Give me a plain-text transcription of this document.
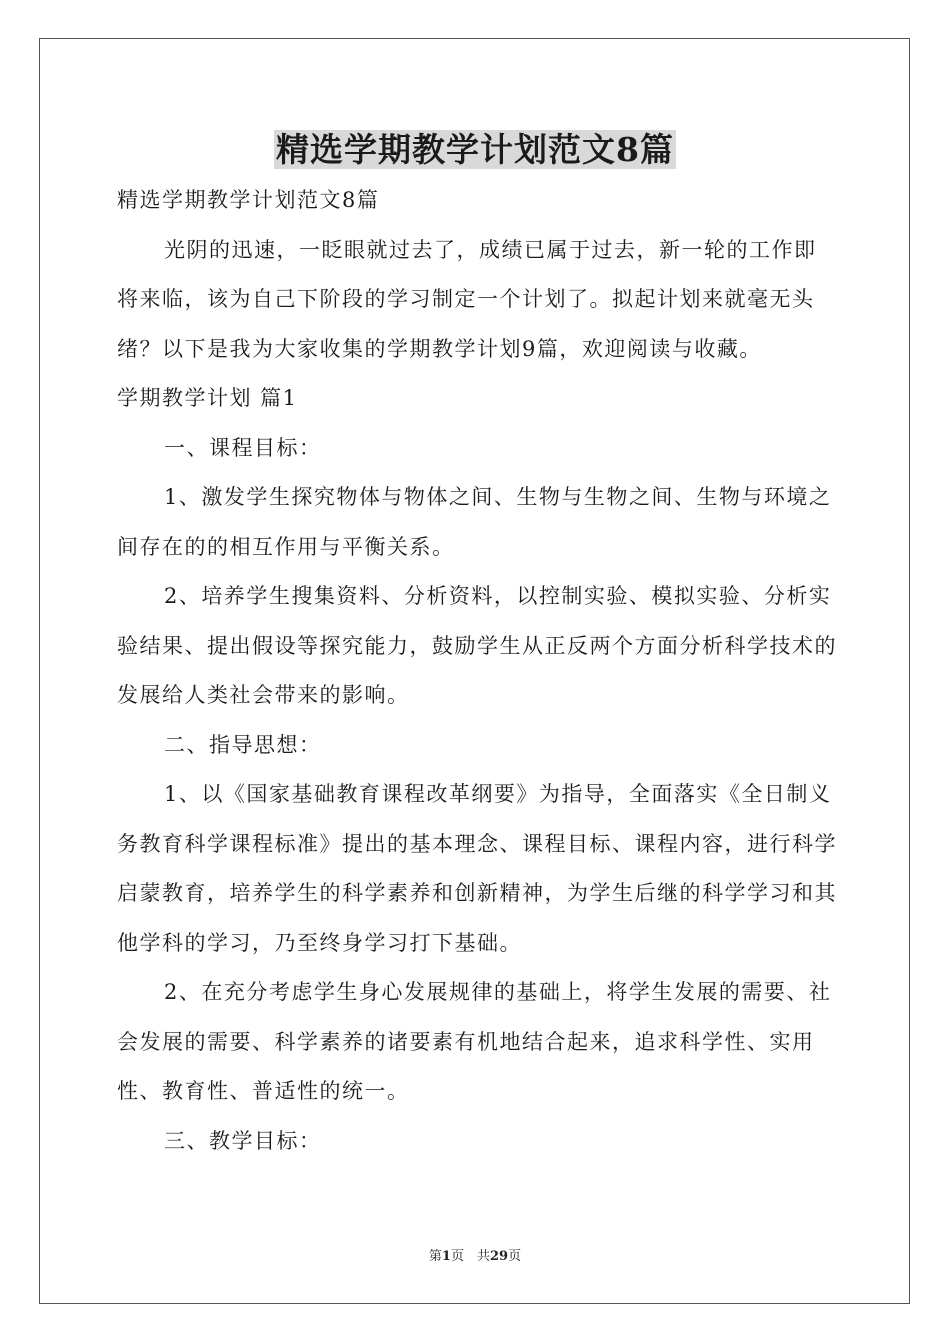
精选学期教学计划范文8篇

精选学期教学计划范文8篇

光阴的迅速，一眨眼就过去了，成绩已属于过去，新一轮的工作即将来临，该为自己下阶段的学习制定一个计划了。拟起计划来就毫无头绪？以下是我为大家收集的学期教学计划9篇，欢迎阅读与收藏。

学期教学计划 篇1

一、课程目标：

1、激发学生探究物体与物体之间、生物与生物之间、生物与环境之间存在的的相互作用与平衡关系。

2、培养学生搜集资料、分析资料，以控制实验、模拟实验、分析实验结果、提出假设等探究能力，鼓励学生从正反两个方面分析科学技术的发展给人类社会带来的影响。

二、指导思想：

1、以《国家基础教育课程改革纲要》为指导，全面落实《全日制义务教育科学课程标准》提出的基本理念、课程目标、课程内容，进行科学启蒙教育，培养学生的科学素养和创新精神，为学生后继的科学学习和其他学科的学习，乃至终身学习打下基础。

2、在充分考虑学生身心发展规律的基础上，将学生发展的需要、社会发展的需要、科学素养的诸要素有机地结合起来，追求科学性、实用性、教育性、普适性的统一。

三、教学目标：

第1页　共29页
